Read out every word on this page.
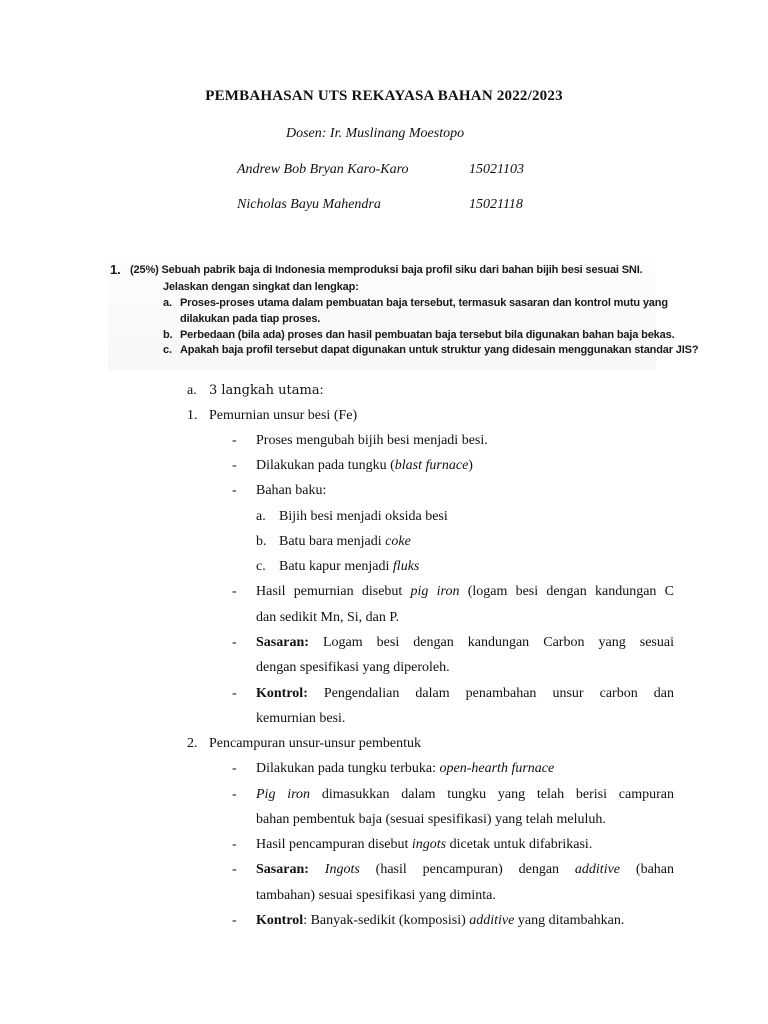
PEMBAHASAN UTS REKAYASA BAHAN 2022/2023
Dosen: Ir. Muslinang Moestopo
Andrew Bob Bryan Karo-Karo	15021103
Nicholas Bayu Mahendra	15021118
1. (25%) Sebuah pabrik baja di Indonesia memproduksi baja profil siku dari bahan bijih besi sesuai SNI.
Jelaskan dengan singkat dan lengkap:
a. Proses-proses utama dalam pembuatan baja tersebut, termasuk sasaran dan kontrol mutu yang
dilakukan pada tiap proses.
b. Perbedaan (bila ada) proses dan hasil pembuatan baja tersebut bila digunakan bahan baja bekas.
c. Apakah baja profil tersebut dapat digunakan untuk struktur yang didesain menggunakan standar JIS?
a. 3 langkah utama:
1. Pemurnian unsur besi (Fe)
- Proses mengubah bijih besi menjadi besi.
- Dilakukan pada tungku (blast furnace)
- Bahan baku:
a. Bijih besi menjadi oksida besi
b. Batu bara menjadi coke
c. Batu kapur menjadi fluks
- Hasil pemurnian disebut pig iron (logam besi dengan kandungan C
dan sedikit Mn, Si, dan P.
- Sasaran: Logam besi dengan kandungan Carbon yang sesuai
dengan spesifikasi yang diperoleh.
- Kontrol: Pengendalian dalam penambahan unsur carbon dan
kemurnian besi.
2. Pencampuran unsur-unsur pembentuk
- Dilakukan pada tungku terbuka: open-hearth furnace
- Pig iron dimasukkan dalam tungku yang telah berisi campuran
bahan pembentuk baja (sesuai spesifikasi) yang telah meluluh.
- Hasil pencampuran disebut ingots dicetak untuk difabrikasi.
- Sasaran: Ingots (hasil pencampuran) dengan additive (bahan
tambahan) sesuai spesifikasi yang diminta.
- Kontrol: Banyak-sedikit (komposisi) additive yang ditambahkan.
